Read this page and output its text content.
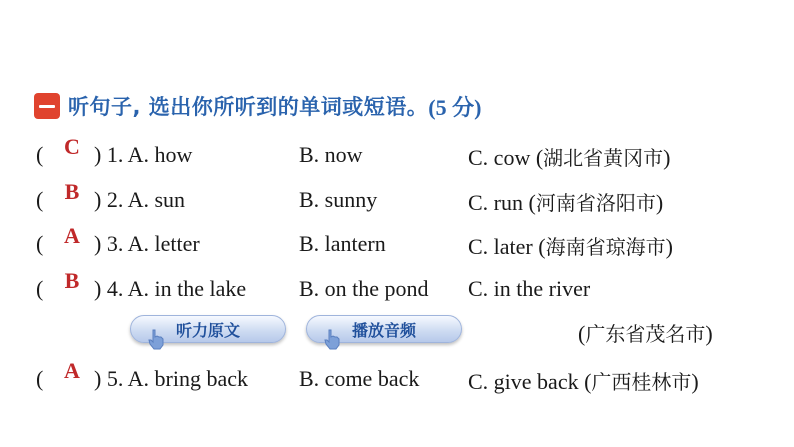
听句子, 选出你所听到的单词或短语。 (5 分)
( C ) 1. A. how	B. now	C. cow (湖北省黄冈市)
( B ) 2. A. sun	B. sunny	C. run (河南省洛阳市)
( A ) 3. A. letter	B. lantern	C. later (海南省琼海市)
( B ) 4. A. in the lake B. on the pond C. in the river
听力原文	播放音频	(广东省茂名市)
( A ) 5. A. bring back B. come back C. give back (广西桂林市)
